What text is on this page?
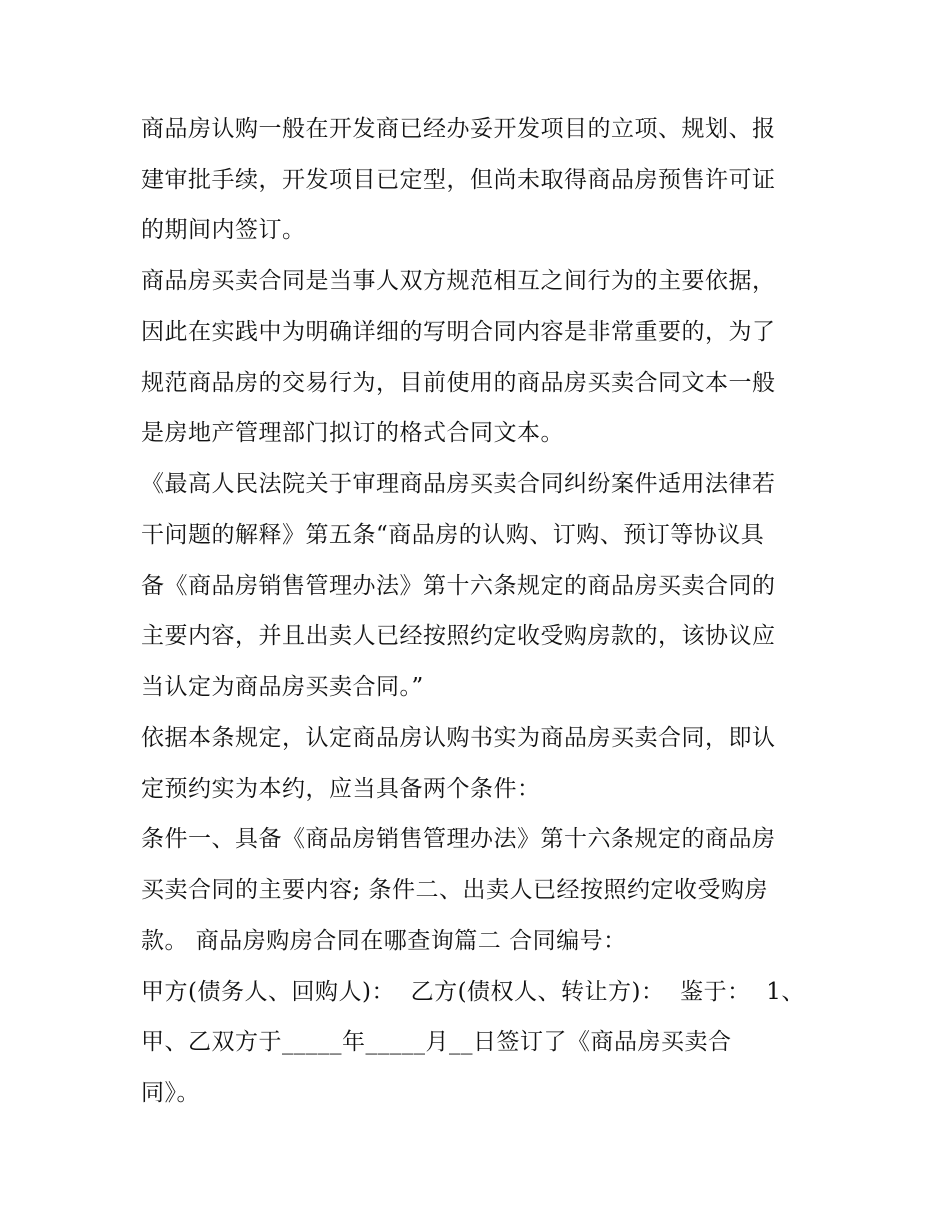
商品房认购一般在开发商已经办妥开发项目的立项、规划、报

建审批手续，开发项目已定型，但尚未取得商品房预售许可证

的期间内签订。

商品房买卖合同是当事人双方规范相互之间行为的主要依据，

因此在实践中为明确详细的写明合同内容是非常重要的，为了

规范商品房的交易行为，目前使用的商品房买卖合同文本一般

是房地产管理部门拟订的格式合同文本。

《最高人民法院关于审理商品房买卖合同纠纷案件适用法律若

干问题的解释》第五条“商品房的认购、订购、预订等协议具

备《商品房销售管理办法》第十六条规定的商品房买卖合同的

主要内容，并且出卖人已经按照约定收受购房款的，该协议应

当认定为商品房买卖合同。”

依据本条规定，认定商品房认购书实为商品房买卖合同，即认

定预约实为本约，应当具备两个条件：

条件一、具备《商品房销售管理办法》第十六条规定的商品房

买卖合同的主要内容; 条件二、出卖人已经按照约定收受购房

款。 商品房购房合同在哪查询篇二 合同编号：

甲方(债务人、回购人)：  乙方(债权人、转让方)：  鉴于：  1、

甲、乙双方于_____年_____月__日签订了《商品房买卖合

同》。
